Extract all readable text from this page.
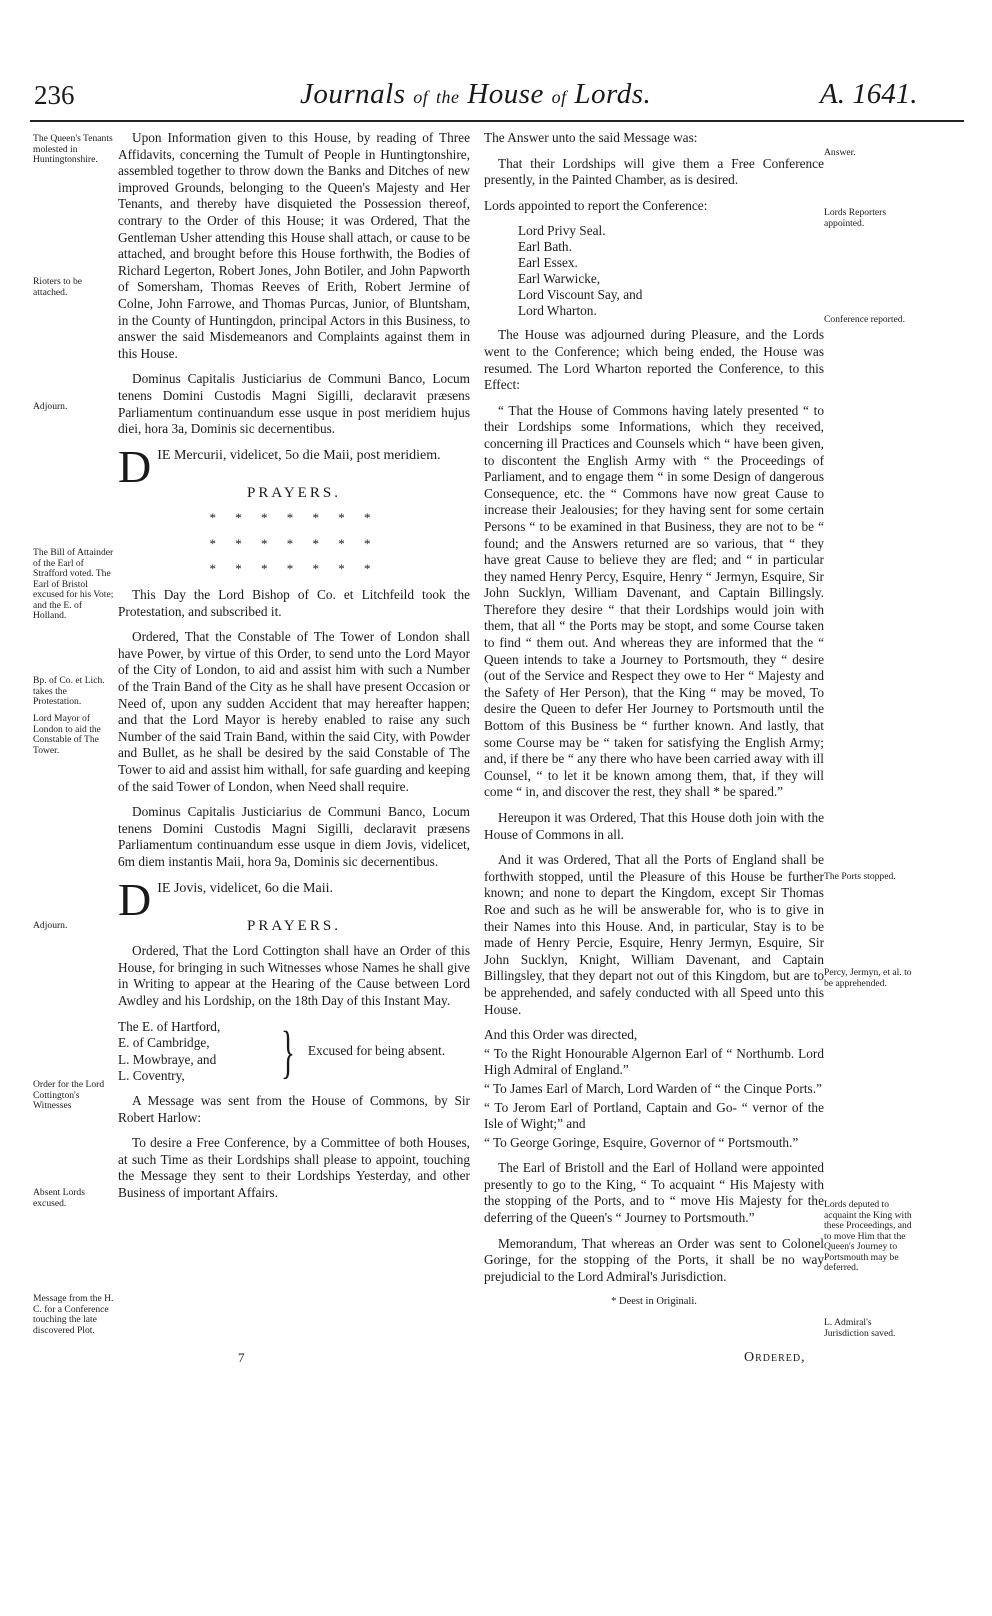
236	Journals of the House of Lords.	A. 1641.
The Queen's Tenants molested in Huntingtonshire.
Rioters to be attached.
Adjourn.
The Bill of Attainder of the Earl of Strafford voted. The Earl of Bristol excused for his Vote; and the E. of Holland.
Bp. of Co. et Lich. takes the Protestation.
Lord Mayor of London to aid the Constable of The Tower.
Adjourn.
Order for the Lord Cottington's Witnesses
Absent Lords excused.
Message from the H. C. for a Conference touching the late discovered Plot.
Answer.
Lords Reporters appointed.
Conference reported.
The Ports stopped.
Percy, Jermyn, et al. to be apprehended.
Lords deputed to acquaint the King with these Proceedings, and to move Him that the Queen's Journey to Portsmouth may be deferred.
L. Admiral's Jurisdiction saved.

Upon Information given to this House, by reading of Three Affidavits, concerning the Tumult of People in Huntingtonshire, assembled together to throw down the Banks and Ditches of new improved Grounds, belonging to the Queen's Majesty and Her Tenants, and thereby have disquieted the Possession thereof, contrary to the Order of this House; it was Ordered, That the Gentleman Usher attending this House shall attach, or cause to be attached, and brought before this House forthwith, the Bodies of Richard Legerton, Robert Jones, John Botiler, and John Papworth of Somersham, Thomas Reeves of Erith, Robert Jermine of Colne, John Farrowe, and Thomas Purcas, Junior, of Bluntsham, in the County of Huntingdon, principal Actors in this Business, to answer the said Misdemeanors and Complaints against them in this House.

Dominus Capitalis Justiciarius de Communi Banco, Locum tenens Domini Custodis Magni Sigilli, declaravit præsens Parliamentum continuandum esse usque in post meridiem hujus diei, hora 3a, Dominis sic decernentibus.

DIE Mercurii, videlicet, 5o die Maii, post meridiem.

PRAYERS.

* * * * * * *

* * * * * * *

* * * * * * *

This Day the Lord Bishop of Co. et Litchfeild took the Protestation, and subscribed it.

Ordered, That the Constable of The Tower of London shall have Power, by virtue of this Order, to send unto the Lord Mayor of the City of London, to aid and assist him with such a Number of the Train Band of the City as he shall have present Occasion or Need of, upon any sudden Accident that may hereafter happen; and that the Lord Mayor is hereby enabled to raise any such Number of the said Train Band, within the said City, with Powder and Bullet, as he shall be desired by the said Constable of The Tower to aid and assist him withall, for safe guarding and keeping of the said Tower of London, when Need shall require.

Dominus Capitalis Justiciarius de Communi Banco, Locum tenens Domini Custodis Magni Sigilli, declaravit præsens Parliamentum continuandum esse usque in diem Jovis, videlicet, 6m diem instantis Maii, hora 9a, Dominis sic decernentibus.

DIE Jovis, videlicet, 6o die Maii.

PRAYERS.

Ordered, That the Lord Cottington shall have an Order of this House, for bringing in such Witnesses whose Names he shall give in Writing to appear at the Hearing of the Cause between Lord Awdley and his Lordship, on the 18th Day of this Instant May.

The E. of Hartford,
E. of Cambridge,
L. Mowbraye, and
L. Coventry,	} Excused for being absent.

A Message was sent from the House of Commons, by Sir Robert Harlow:

To desire a Free Conference, by a Committee of both Houses, at such Time as their Lordships shall please to appoint, touching the Message they sent to their Lordships Yesterday, and other Business of important Affairs.

The Answer unto the said Message was:

That their Lordships will give them a Free Conference presently, in the Painted Chamber, as is desired.

Lords appointed to report the Conference:

Lord Privy Seal.
Earl Bath.
Earl Essex.
Earl Warwicke,
Lord Viscount Say, and
Lord Wharton.

The House was adjourned during Pleasure, and the Lords went to the Conference; which being ended, the House was resumed. The Lord Wharton reported the Conference, to this Effect:

“ That the House of Commons having lately presented “ to their Lordships some Informations, which they received, concerning ill Practices and Counsels which “ have been given, to discontent the English Army with “ the Proceedings of Parliament, and to engage them “ in some Design of dangerous Consequence, etc. the “ Commons have now great Cause to increase their Jealousies; for they having sent for some certain Persons “ to be examined in that Business, they are not to be “ found; and the Answers returned are so various, that “ they have great Cause to believe they are fled; and “ in particular they named Henry Percy, Esquire, Henry “ Jermyn, Esquire, Sir John Sucklyn, William Davenant, and Captain Billingsly. Therefore they desire “ that their Lordships would join with them, that all “ the Ports may be stopt, and some Course taken to find “ them out. And whereas they are informed that the “ Queen intends to take a Journey to Portsmouth, they “ desire (out of the Service and Respect they owe to Her “ Majesty and the Safety of Her Person), that the King “ may be moved, To desire the Queen to defer Her Journey to Portsmouth until the Bottom of this Business be “ further known. And lastly, that some Course may be “ taken for satisfying the English Army; and, if there be “ any there who have been carried away with ill Counsel, “ to let it be known among them, that, if they will come “ in, and discover the rest, they shall * be spared.”

Hereupon it was Ordered, That this House doth join with the House of Commons in all.

And it was Ordered, That all the Ports of England shall be forthwith stopped, until the Pleasure of this House be further known; and none to depart the Kingdom, except Sir Thomas Roe and such as he will be answerable for, who is to give in their Names into this House. And, in particular, Stay is to be made of Henry Percie, Esquire, Henry Jermyn, Esquire, Sir John Sucklyn, Knight, William Davenant, and Captain Billingsley, that they depart not out of this Kingdom, but are to be apprehended, and safely conducted with all Speed unto this House.

And this Order was directed,

“ To the Right Honourable Algernon Earl of “ Northumb. Lord High Admiral of England.”

“ To James Earl of March, Lord Warden of “ the Cinque Ports.”

“ To Jerom Earl of Portland, Captain and Go- “ vernor of the Isle of Wight;” and

“ To George Goringe, Esquire, Governor of “ Portsmouth.”

The Earl of Bristoll and the Earl of Holland were appointed presently to go to the King, “ To acquaint “ His Majesty with the stopping of the Ports, and to “ move His Majesty for the deferring of the Queen's “ Journey to Portsmouth.”

Memorandum, That whereas an Order was sent to Colonel Goringe, for the stopping of the Ports, it shall be no way prejudicial to the Lord Admiral's Jurisdiction.

* Deest in Originali.

7	Ordered,
